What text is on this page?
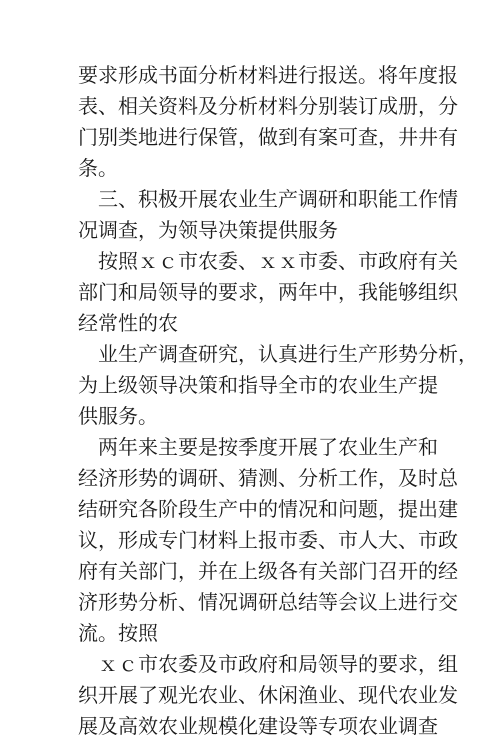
要求形成书面分析材料进行报送。将年度报
表、相关资料及分析材料分别装订成册，分
门别类地进行保管，做到有案可查，井井有
条。
　三、积极开展农业生产调研和职能工作情
况调查，为领导决策提供服务
　按照ｘｃ市农委、ｘｘ市委、市政府有关
部门和局领导的要求，两年中，我能够组织
经常性的农
　业生产调查研究，认真进行生产形势分析，
为上级领导决策和指导全市的农业生产提
供服务。
　两年来主要是按季度开展了农业生产和
经济形势的调研、猜测、分析工作，及时总
结研究各阶段生产中的情况和问题，提出建
议，形成专门材料上报市委、市人大、市政
府有关部门，并在上级各有关部门召开的经
济形势分析、情况调研总结等会议上进行交
流。按照
　ｘｃ市农委及市政府和局领导的要求，组
织开展了观光农业、休闲渔业、现代农业发
展及高效农业规模化建设等专项农业调查
